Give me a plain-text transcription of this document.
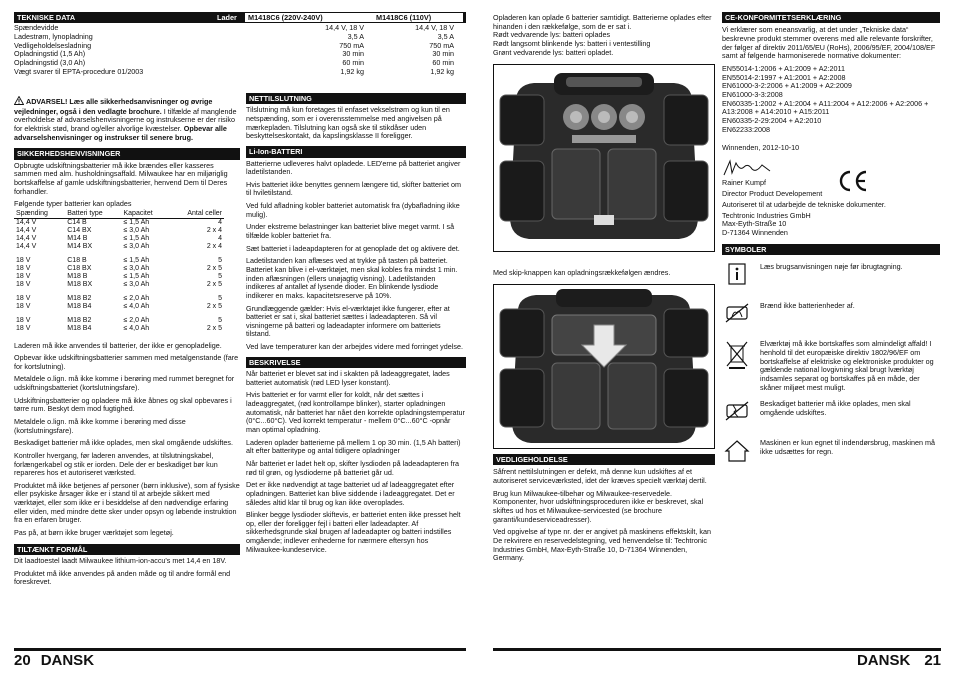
TEKNISKE DATA	Lader	M1418C6 (220V-240V)	M1418C6 (110V)
Spændevidde	14,4 V, 18 V	14,4 V, 18 V
Ladestrøm, lynopladning	3,5 A	3,5 A
Vedligeholdelsesladning	750 mA	750 mA
Opladningstid (1,5 Ah)	30 min	30 min
Opladningstid (3,0 Ah)	60 min	60 min
Vægt svarer til EPTA-procedure 01/2003	1,92 kg	1,92 kg

ADVARSEL! Læs alle sikkerhedsanvisninger og øvrige vejledninger, også i den vedlagte brochure. I tilfælde af manglende overholdelse af advarselshenvisningerne og instrukserne er der risiko for elektrisk stød, brand og/eller alvorlige kvæstelser. Opbevar alle advarselshenvisninger og instrukser til senere brug.

SIKKERHEDSHENVISNINGER

Opbrugte udskiftningsbatterier må ikke brændes eller kasseres sammen med alm. husholdningsaffald. Milwaukee har en miljøriglig bortskaffelse af gamle udskiftningsbatterier, henvend Dem til Deres forhandler.

Følgende typer batterier kan oplades

Spænding	Batteri type	Kapacitet	Antal celler
14,4 V	C14 B	≤ 1,5 Ah	4
14,4 V	C14 BX	≤ 3,0 Ah	2 x 4
14,4 V	M14 B	≤ 1,5 Ah	4
14,4 V	M14 BX	≤ 3,0 Ah	2 x 4
18 V	C18 B	≤ 1,5 Ah	5
18 V	C18 BX	≤ 3,0 Ah	2 x 5
18 V	M18 B	≤ 1,5 Ah	5
18 V	M18 BX	≤ 3,0 Ah	2 x 5
18 V	M18 B2	≤ 2,0 Ah	5
18 V	M18 B4	≤ 4,0 Ah	2 x 5
18 V	M18 B2	≤ 2,0 Ah	5
18 V	M18 B4	≤ 4,0 Ah	2 x 5

Laderen må ikke anvendes til batterier, der ikke er genopladelige.

Opbevar ikke udskiftningsbatterier sammen med metalgenstande (fare for kortslutning).

Metaldele o.lign. må ikke komme i berøring med rummet beregnet for udskiftningsbatteriet (kortslutningsfare).

Udskiftningsbatterier og opladere må ikke åbnes og skal opbevares i tørre rum. Beskyt dem mod fugtighed.

Metaldele o.lign. må ikke komme i berøring med disse (kortslutningsfare).

Beskadiget batterier må ikke oplades, men skal omgående udskiftes.

Kontroller hvergang, før laderen anvendes, at tilslutningskabel, forlængerkabel og stik er iorden. Dele der er beskadiget bør kun repareres hos et autoriseret værksted.

Produktet må ikke betjenes af personer (børn inklusive), som af fysiske eller psykiske årsager ikke er i stand til at arbejde sikkert med værktøjet, eller som ikke er i besiddelse af den nødvendige erfaring eller viden, med mindre dette sker under opsyn og løbende instruktion fra en erfaren bruger.

Pas på, at børn ikke bruger værktøjet som legetøj.

TILTÆNKT FORMÅL

Dit laadtoestel laadt Milwaukee lithium-ion-accu's met 14,4 en 18V.

Produktet må ikke anvendes på anden måde og til andre formål end foreskrevet.

NETTILSLUTNING

Tilslutning må kun foretages til enfaset vekselstrøm og kun til en netspænding, som er i overensstemmelse med angivelsen på mærkepladen. Tilslutning kan også ske til stikdåser uden beskyttelseskontakt, da kapslingsklasse II foreligger.

Li-Ion-BATTERI

Batterierne udleveres halvt opladede. LED'erne på batteriet angiver ladetilstanden.

Hvis batteriet ikke benyttes gennem længere tid, skifter batteriet om til hviletilstand.

Ved fuld afladning kobler batteriet automatisk fra (dybafladning ikke mulig).

Under ekstreme belastninger kan batteriet blive meget varmt. I så tilfælde kobler batteriet fra.

Sæt batteriet i ladeapdapteren for at genoplade det og aktivere det.

Ladetilstanden kan aflæses ved at trykke på tasten på batteriet. Batteriet kan blive i el-værktøjet, men skal kobles fra mindst 1 min. inden aflæsningen (ellers unøjagtig visning). Ladetilstanden indikeres af antallet af lysende dioder. En blinkende lysdiode indikerer en maks. kapacitetsreserve på 10%.

Grundlæggende gælder: Hvis el-værktøjet ikke fungerer, efter at batteriet er sat i, skal batteriet sættes i ladeadapteren. Så vil visningerne på batteri og ladeadapter informere om batteriets tilstand.

Ved lave temperaturer kan der arbejdes videre med forringet ydelse.

BESKRIVELSE

Når batteriet er blevet sat ind i skakten på ladeaggregatet, lades batteriet automatisk (rød LED lyser konstant).

Hvis batteriet er for varmt eller for koldt, når det sættes i ladeaggregatet, (rød kontrollampe blinker), starter opladningen automatisk, når batteriet har nået den korrekte opladningstemperatur (0°C...60°C). Ved korrekt temperatur - mellem 0°C...60°C -opnår man optimal opladning.

Laderen oplader batterierne på mellem 1 op 30 min. (1,5 Ah batteri) alt efter batteritype og antal tidligere opladninger

Når batteriet er ladet helt op, skifter lysdioden på ladeadapteren fra rød til grøn, og lysdioderne på batteriet går ud.

Det er ikke nødvendigt at tage batteriet ud af ladeaggregatet efter opladningen. Batteriet kan blive siddende i ladeaggregatet. Det er således altid klar til brug og kan ikke overoplades.

Blinker begge lysdioder skiftevis, er batteriet enten ikke presset helt op, eller der foreligger fejl i batteri eller ladeadapter. Af sikkerhedsgrunde skal brugen af ladeadapter og batteri indstilles omgående; indlever enhederne for nærmere eftersyn hos Milwaukee-kundeservice.

20 DANSK
Opladeren kan oplade 6 batterier samtidigt. Batterierne oplades efter hinanden i den rækkefølge, som de er sat i.
Rødt vedvarende lys: batteri oplades
Rødt langsomt blinkende lys: batteri i ventestilling
Grønt vedvarende lys: batteri opladet.

Med skip-knappen kan opladningsrækkefølgen ændres.

VEDLIGEHOLDELSE

Såfrent nettilslutningen er defekt, må denne kun udskiftes af et autoriseret serviceværksted, idet der kræves specielt værktøj dertil.

Brug kun Milwaukee-tilbehør og Milwaukee-reservedele. Komponenter, hvor udskiftningsproceduren ikke er beskrevet, skal skiftes ud hos et Milwaukee-servicested (se brochure garanti/kundeserviceadresser).

Ved opgivelse af type nr. der er angivet på maskinens effektskilt, kan De rekvirere en reservedelstegning, ved henvendelse til: Techtronic Industries GmbH, Max-Eyth-Straße 10, D-71364 Winnenden, Germany.

CE-KONFORMITETSERKLÆRING

Vi erklærer som eneansvarlig, at det under „Tekniske data“ beskrevne produkt stemmer overens med alle relevante forskrifter, der følger af direktiv 2011/65/EU (RoHs), 2006/95/EF, 2004/108/EF samt af følgende harmoniserede normative dokumenter:

EN55014-1:2006 + A1:2009 + A2:2011
EN55014-2:1997 + A1:2001 + A2:2008
EN61000-3-2:2006 + A1:2009 + A2:2009
EN61000-3-3:2008
EN60335-1:2002 + A1:2004 + A11:2004 + A12:2006 + A2:2006 + A13:2008 + A14:2010 + A15:2011
EN60335-2-29:2004 + A2:2010
EN62233:2008

Winnenden, 2012-10-10

Rainer Kumpf
Director Product Developement

Autoriseret til at udarbejde de tekniske dokumenter.

Techtronic Industries GmbH
Max-Eyth-Straße 10
D-71364 Winnenden
SYMBOLER
Læs brugsanvisningen nøje før ibrugtagning.
Brænd ikke batterienheder af.
Elværktøj må ikke bortskaffes som almindeligt affald! I henhold til det europæiske direktiv 1802/96/EF om bortskaffelse af elektriske og elektroniske produkter og gældende national lovgivning skal brugt lværktøj indsamles separat og bortskaffes på en måde, der skåner miljøet mest muligt.
Beskadiget batterier må ikke oplades, men skal omgående udskiftes.
Maskinen er kun egnet til indendørsbrug, maskinen må ikke udsættes for regn.
DANSK 21
